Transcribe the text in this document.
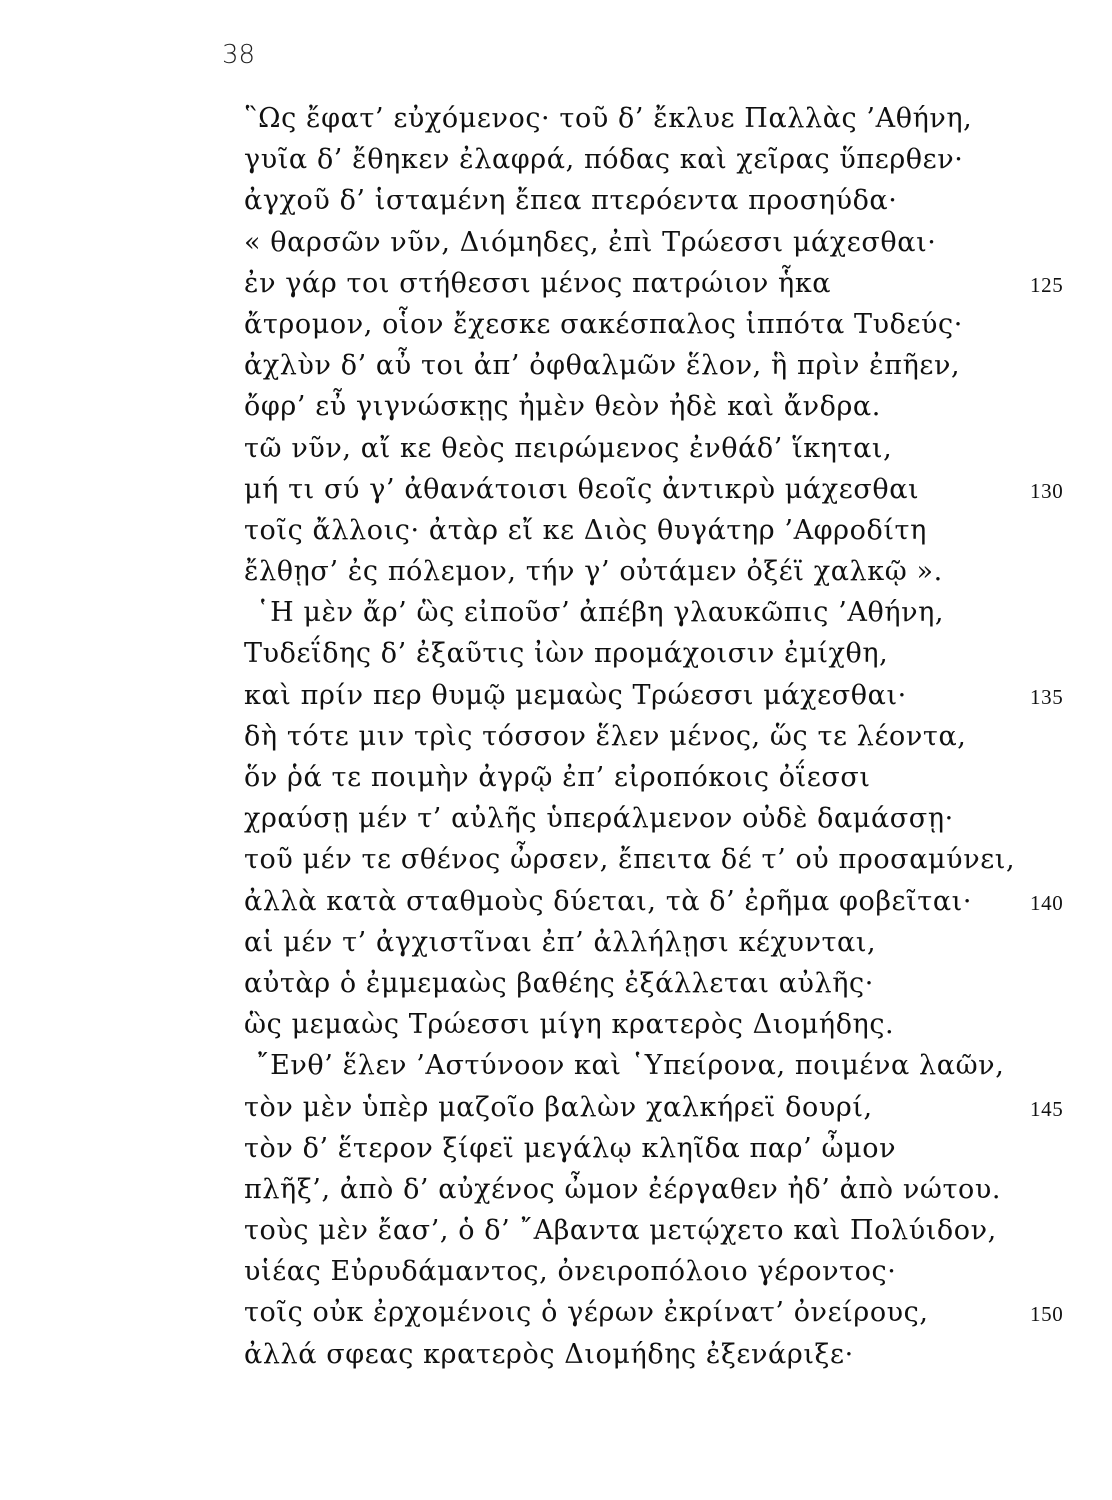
38
῝Ως ἔφατ’ εὐχόμενος· τοῦ δ’ ἔκλυε Παλλὰς ’Αθήνη,
γυῖα δ’ ἔθηκεν ἐλαφρά, πόδας καὶ χεῖρας ὕπερθεν·
ἀγχοῦ δ’ ἱσταμένη ἔπεα πτερόεντα προσηύδα·
« θαρσῶν νῦν, Διόμηδες, ἐπὶ Τρώεσσι μάχεσθαι·
ἐν γάρ τοι στήθεσσι μένος πατρώιον ἧκα	125
ἄτρομον, οἷον ἔχεσκε σακέσπαλος ἱππότα Τυδεύς·
ἀχλὺν δ’ αὖ τοι ἀπ’ ὀφθαλμῶν ἕλον, ἣ πρὶν ἐπῆεν,
ὄφρ’ εὖ γιγνώσκῃς ἠμὲν θεὸν ἠδὲ καὶ ἄνδρα.
τῶ νῦν, αἴ κε θεὸς πειρώμενος ἐνθάδ’ ἵκηται,
μή τι σύ γ’ ἀθανάτοισι θεοῖς ἀντικρὺ μάχεσθαι	130
τοῖς ἄλλοις· ἀτὰρ εἴ κε Διὸς θυγάτηρ ’Αφροδίτη
ἔλθῃσ’ ἐς πόλεμον, τήν γ’ οὐτάμεν ὀξέϊ χαλκῷ ».
῾Η μὲν ἄρ’ ὣς εἰποῦσ’ ἀπέβη γλαυκῶπις ’Αθήνη,
Τυδεΐδης δ’ ἐξαῦτις ἰὼν προμάχοισιν ἐμίχθη,
καὶ πρίν περ θυμῷ μεμαὼς Τρώεσσι μάχεσθαι·	135
δὴ τότε μιν τρὶς τόσσον ἕλεν μένος, ὥς τε λέοντα,
ὅν ῥά τε ποιμὴν ἀγρῷ ἐπ’ εἰροπόκοις ὀΐεσσι
χραύσῃ μέν τ’ αὐλῆς ὑπεράλμενον οὐδὲ δαμάσσῃ·
τοῦ μέν τε σθένος ὦρσεν, ἔπειτα δέ τ’ οὐ προσαμύνει,
ἀλλὰ κατὰ σταθμοὺς δύεται, τὰ δ’ ἐρῆμα φοβεῖται·	140
αἱ μέν τ’ ἀγχιστῖναι ἐπ’ ἀλλήλῃσι κέχυνται,
αὐτὰρ ὁ ἐμμεμαὼς βαθέης ἐξάλλεται αὐλῆς·
ὣς μεμαὼς Τρώεσσι μίγη κρατερὸς Διομήδης.
῎Ενθ’ ἕλεν ’Αστύνοον καὶ ῾Υπείρονα, ποιμένα λαῶν,
τὸν μὲν ὑπὲρ μαζοῖο βαλὼν χαλκήρεϊ δουρί,	145
τὸν δ’ ἕτερον ξίφεϊ μεγάλῳ κληῖδα παρ’ ὦμον
πλῆξ’, ἀπὸ δ’ αὐχένος ὦμον ἐέργαθεν ἠδ’ ἀπὸ νώτου.
τοὺς μὲν ἔασ’, ὁ δ’ ῎Αβαντα μετῴχετο καὶ Πολύιδον,
υἱέας Εὐρυδάμαντος, ὀνειροπόλοιο γέροντος·
τοῖς οὐκ ἐρχομένοις ὁ γέρων ἐκρίνατ’ ὀνείρους,	150
ἀλλά σφεας κρατερὸς Διομήδης ἐξενάριξε·
